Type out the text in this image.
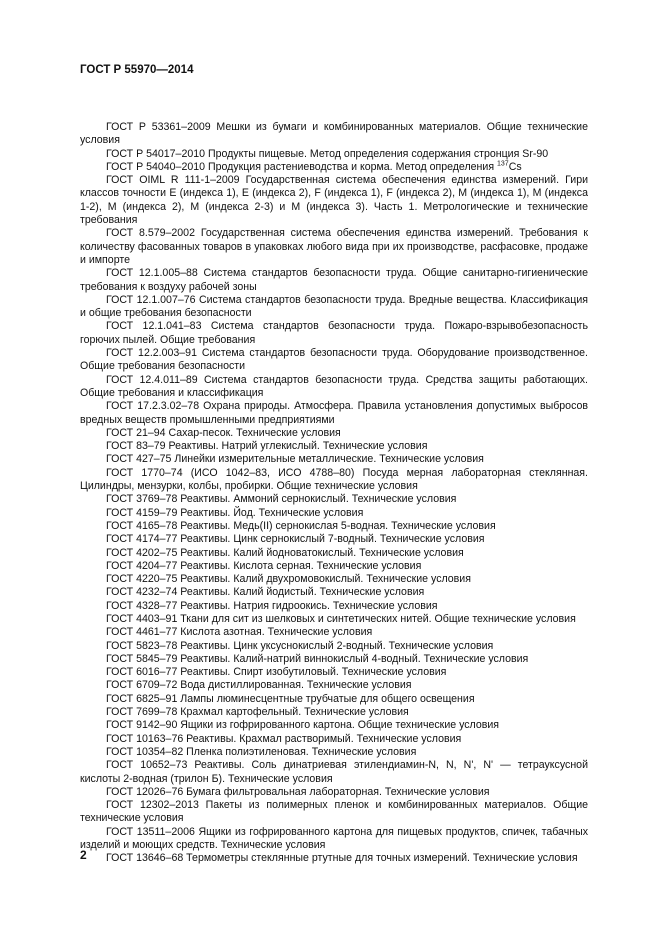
ГОСТ Р 55970—2014

ГОСТ Р 53361–2009 Мешки из бумаги и комбинированных материалов. Общие технические условия

ГОСТ Р 54017–2010 Продукты пищевые. Метод определения содержания стронция Sr-90

ГОСТ Р 54040–2010 Продукция растениеводства и корма. Метод определения $^{137}$Cs

ГОСТ OIML R 111-1–2009 Государственная система обеспечения единства измерений. Гири классов точности E (индекса 1), E (индекса 2), F (индекса 1), F (индекса 2), M (индекса 1), M (индекса 1-2), M (индекса 2), M (индекса 2-3) и M (индекса 3). Часть 1. Метрологические и технические требования

ГОСТ 8.579–2002 Государственная система обеспечения единства измерений. Требования к количеству фасованных товаров в упаковках любого вида при их производстве, расфасовке, продаже и импорте

ГОСТ 12.1.005–88 Система стандартов безопасности труда. Общие санитарно-гигиенические требования к воздуху рабочей зоны

ГОСТ 12.1.007–76 Система стандартов безопасности труда. Вредные вещества. Классификация и общие требования безопасности

ГОСТ 12.1.041–83 Система стандартов безопасности труда. Пожаро-взрывобезопасность горючих пылей. Общие требования

ГОСТ 12.2.003–91 Система стандартов безопасности труда. Оборудование производственное. Общие требования безопасности

ГОСТ 12.4.011–89 Система стандартов безопасности труда. Средства защиты работающих. Общие требования и классификация

ГОСТ 17.2.3.02–78 Охрана природы. Атмосфера. Правила установления допустимых выбросов вредных веществ промышленными предприятиями

ГОСТ 21–94 Сахар-песок. Технические условия

ГОСТ 83–79 Реактивы. Натрий углекислый. Технические условия

ГОСТ 427–75 Линейки измерительные металлические. Технические условия

ГОСТ 1770–74 (ИСО 1042–83, ИСО 4788–80) Посуда мерная лабораторная стеклянная. Цилиндры, мензурки, колбы, пробирки. Общие технические условия

ГОСТ 3769–78 Реактивы. Аммоний сернокислый. Технические условия

ГОСТ 4159–79 Реактивы. Йод. Технические условия

ГОСТ 4165–78 Реактивы. Медь(II) сернокислая 5-водная. Технические условия

ГОСТ 4174–77 Реактивы. Цинк сернокислый 7-водный. Технические условия

ГОСТ 4202–75 Реактивы. Калий йодноватокислый. Технические условия

ГОСТ 4204–77 Реактивы. Кислота серная. Технические условия

ГОСТ 4220–75 Реактивы. Калий двухромовокислый. Технические условия

ГОСТ 4232–74 Реактивы. Калий йодистый. Технические условия

ГОСТ 4328–77 Реактивы. Натрия гидроокись. Технические условия

ГОСТ 4403–91 Ткани для сит из шелковых и синтетических нитей. Общие технические условия

ГОСТ 4461–77 Кислота азотная. Технические условия

ГОСТ 5823–78 Реактивы. Цинк уксуснокислый 2-водный. Технические условия

ГОСТ 5845–79 Реактивы. Калий-натрий виннокислый 4-водный. Технические условия

ГОСТ 6016–77 Реактивы. Спирт изобутиловый. Технические условия

ГОСТ 6709–72 Вода дистиллированная. Технические условия

ГОСТ 6825–91 Лампы люминесцентные трубчатые для общего освещения

ГОСТ 7699–78 Крахмал картофельный. Технические условия

ГОСТ 9142–90 Ящики из гофрированного картона. Общие технические условия

ГОСТ 10163–76 Реактивы. Крахмал растворимый. Технические условия

ГОСТ 10354–82 Пленка полиэтиленовая. Технические условия

ГОСТ 10652–73 Реактивы. Соль динатриевая этилендиамин-N, N, N', N' — тетрауксусной кислоты 2-водная (трилон Б). Технические условия

ГОСТ 12026–76 Бумага фильтровальная лабораторная. Технические условия

ГОСТ 12302–2013 Пакеты из полимерных пленок и комбинированных материалов. Общие технические условия

ГОСТ 13511–2006 Ящики из гофрированного картона для пищевых продуктов, спичек, табачных изделий и моющих средств. Технические условия

ГОСТ 13646–68 Термометры стеклянные ртутные для точных измерений. Технические условия

2
